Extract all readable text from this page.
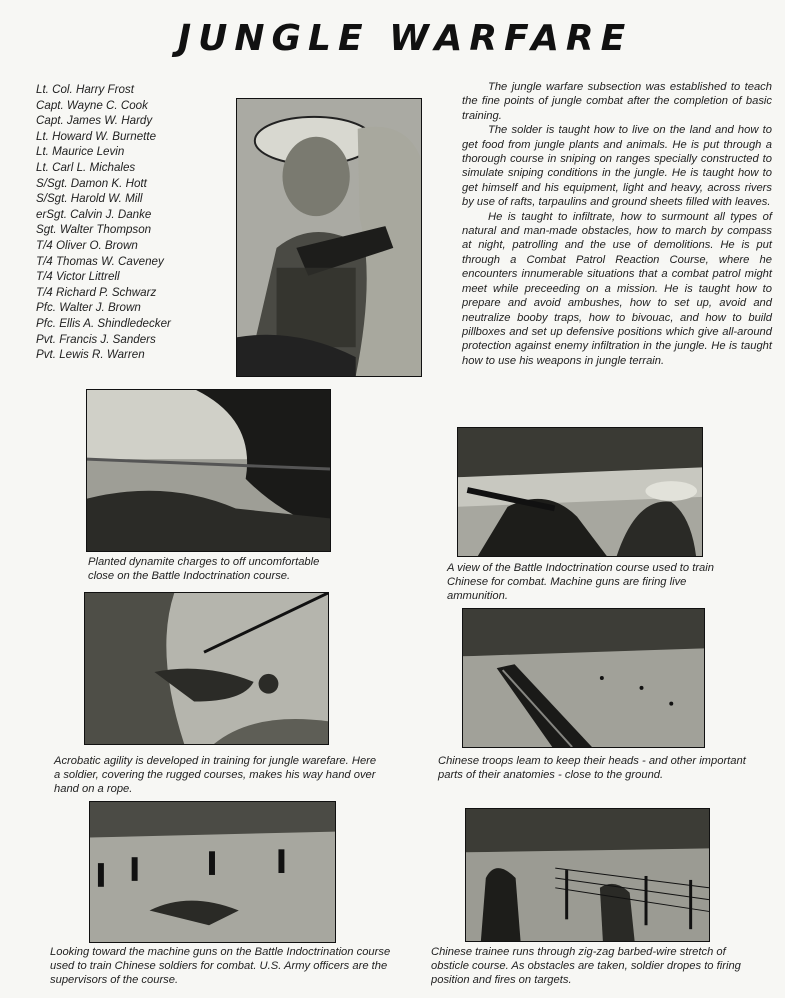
JUNGLE WARFARE
Lt. Col. Harry Frost
Capt. Wayne C. Cook
Capt. James W. Hardy
Lt. Howard W. Burnette
Lt. Maurice Levin
Lt. Carl L. Michales
S/Sgt. Damon K. Hott
S/Sgt. Harold W. Mill
erSgt. Calvin J. Danke
Sgt. Walter Thompson
T/4 Oliver O. Brown
T/4 Thomas W. Caveney
T/4 Victor Littrell
T/4 Richard P. Schwarz
Pfc. Walter J. Brown
Pfc. Ellis A. Shindledecker
Pvt. Francis J. Sanders
Pvt. Lewis R. Warren

The jungle warfare subsection was established to teach the fine points of jungle combat after the completion of basic training.

The solder is taught how to live on the land and how to get food from jungle plants and animals. He is put through a thorough course in sniping on ranges specially constructed to simulate sniping conditions in the jungle. He is taught how to get himself and his equipment, light and heavy, across rivers by use of rafts, tarpaulins and ground sheets filled with leaves.

He is taught to infiltrate, how to surmount all types of natural and man-made obstacles, how to march by compass at night, patrolling and the use of demolitions. He is put through a Combat Patrol Reaction Course, where he encounters innumerable situations that a combat patrol might meet while preceeding on a mission. He is taught how to prepare and avoid ambushes, how to set up, avoid and neutralize booby traps, how to bivouac, and how to build pillboxes and set up defensive positions which give all-around protection against enemy infiltration in the jungle. He is taught how to use his weapons in jungle terrain.

Planted dynamite charges to off uncomfortable close on the Battle Indoctrination course.
A view of the Battle Indoctrination course used to train Chinese for combat. Machine guns are firing live ammunition.
Acrobatic agility is developed in training for jungle warefare. Here a soldier, covering the rugged courses, makes his way hand over hand on a rope.
Chinese troops leam to keep their heads - and other important parts of their anatomies - close to the ground.
Looking toward the machine guns on the Battle Indoctrination course used to train Chinese soldiers for combat. U.S. Army officers are the supervisors of the course.
Chinese trainee runs through zig-zag barbed-wire stretch of obsticle course. As obstacles are taken, soldier dropes to firing position and fires on targets.
